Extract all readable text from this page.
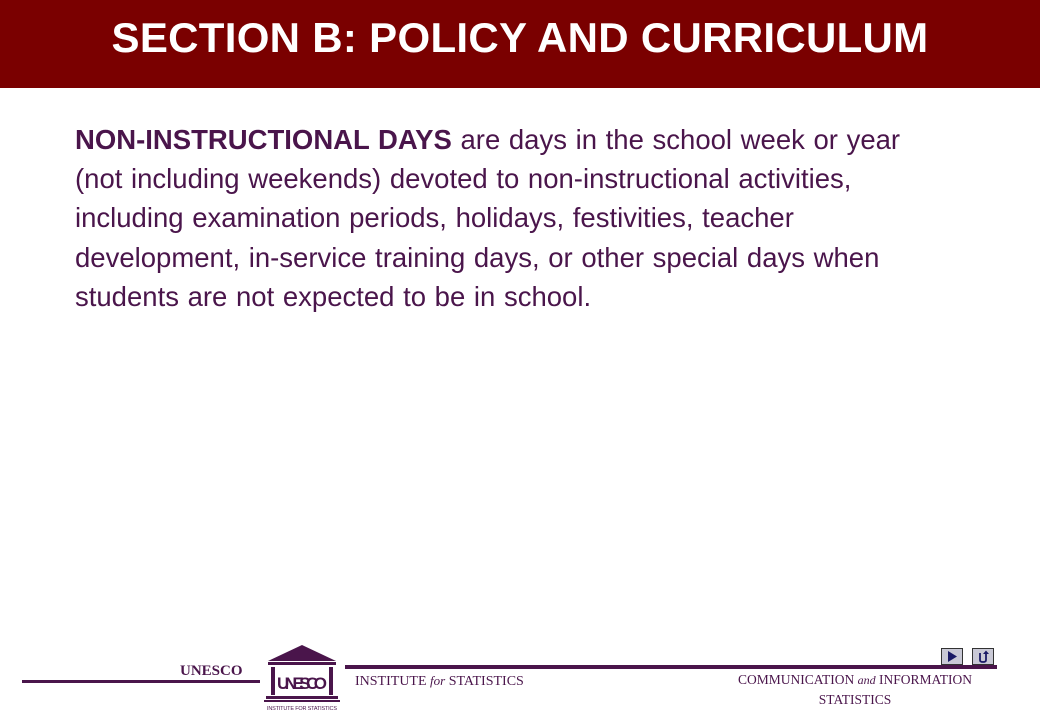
SECTION B: POLICY AND CURRICULUM
NON-INSTRUCTIONAL DAYS are days in the school week or year (not including weekends) devoted to non-instructional activities, including examination periods, holidays, festivities, teacher development, in-service training days, or other special days when students are not expected to be in school.
UNESCO
UNESCO
INSTITUTE FOR STATISTICS
INSTITUTE for STATISTICS	COMMUNICATION and INFORMATION
STATISTICS
